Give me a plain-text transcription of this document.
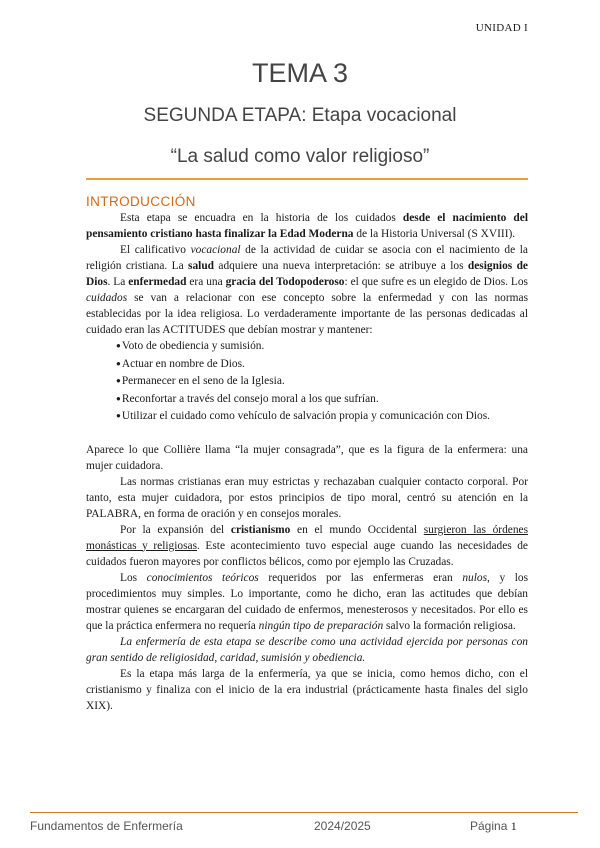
UNIDAD I
TEMA 3
SEGUNDA ETAPA: Etapa vocacional
“La salud como valor religioso”
INTRODUCCIÓN

Esta etapa se encuadra en la historia de los cuidados desde el nacimiento del pensamiento cristiano hasta finalizar la Edad Moderna de la Historia Universal (S XVIII).

El calificativo vocacional de la actividad de cuidar se asocia con el nacimiento de la religión cristiana. La salud adquiere una nueva interpretación: se atribuye a los designios de Dios. La enfermedad era una gracia del Todopoderoso: el que sufre es un elegido de Dios. Los cuidados se van a relacionar con ese concepto sobre la enfermedad y con las normas establecidas por la idea religiosa. Lo verdaderamente importante de las personas dedicadas al cuidado eran las ACTITUDES que debían mostrar y mantener:

● Voto de obediencia y sumisión.
● Actuar en nombre de Dios.
● Permanecer en el seno de la Iglesia.
● Reconfortar a través del consejo moral a los que sufrían.
● Utilizar el cuidado como vehículo de salvación propia y comunicación con Dios.

Aparece lo que Collière llama “la mujer consagrada”, que es la figura de la enfermera: una mujer cuidadora.

Las normas cristianas eran muy estrictas y rechazaban cualquier contacto corporal. Por tanto, esta mujer cuidadora, por estos principios de tipo moral, centró su atención en la PALABRA, en forma de oración y en consejos morales.

Por la expansión del cristianismo en el mundo Occidental surgieron las órdenes monásticas y religiosas. Este acontecimiento tuvo especial auge cuando las necesidades de cuidados fueron mayores por conflictos bélicos, como por ejemplo las Cruzadas.

Los conocimientos teóricos requeridos por las enfermeras eran nulos, y los procedimientos muy simples. Lo importante, como he dicho, eran las actitudes que debían mostrar quienes se encargaran del cuidado de enfermos, menesterosos y necesitados. Por ello es que la práctica enfermera no requería ningún tipo de preparación salvo la formación religiosa.

La enfermería de esta etapa se describe como una actividad ejercida por personas con gran sentido de religiosidad, caridad, sumisión y obediencia.

Es la etapa más larga de la enfermería, ya que se inicia, como hemos dicho, con el cristianismo y finaliza con el inicio de la era industrial (prácticamente hasta finales del siglo XIX).

Fundamentos de Enfermería	2024/2025	Página 1
